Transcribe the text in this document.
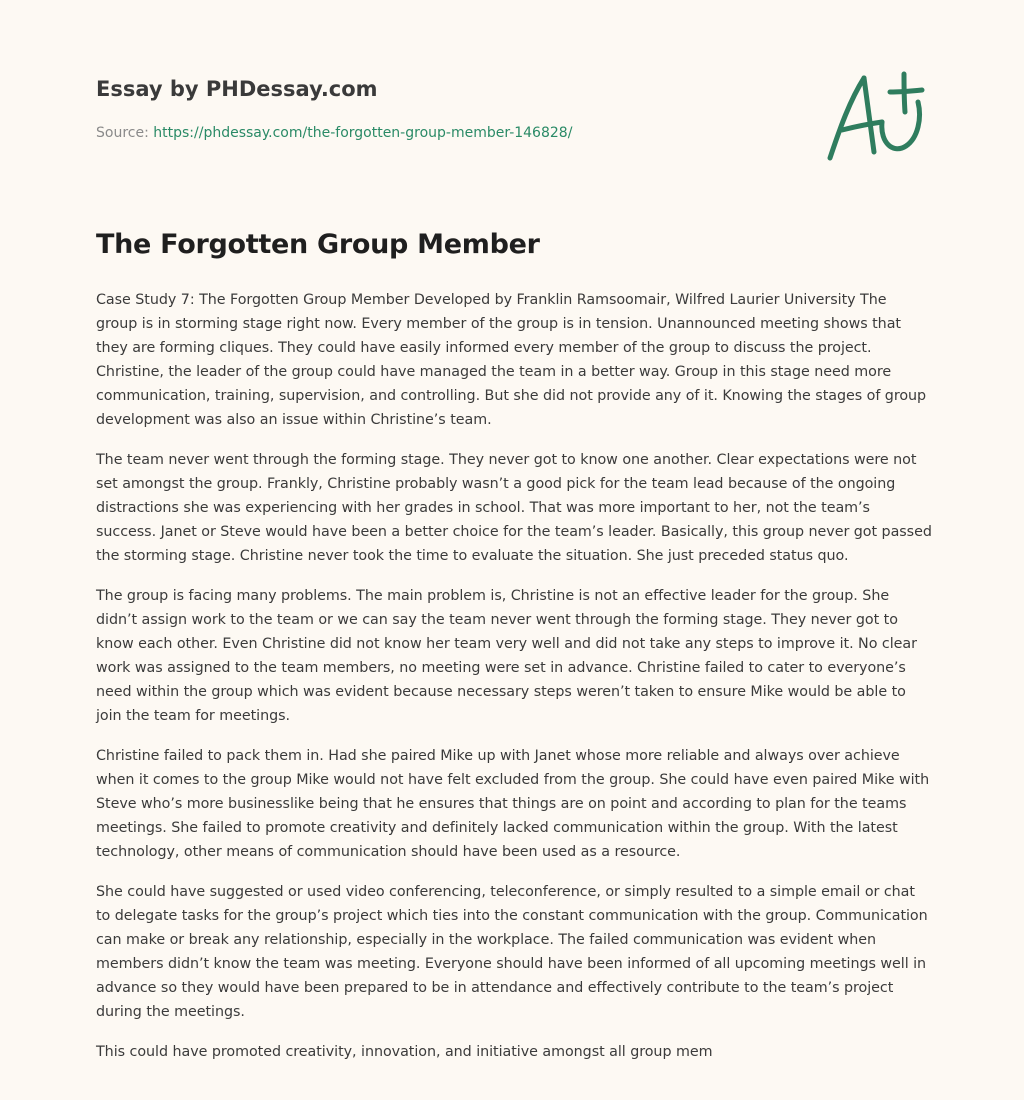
Essay by PHDessay.com
Source: https://phdessay.com/the-forgotten-group-member-146828/
The Forgotten Group Member

Case Study 7: The Forgotten Group Member Developed by Franklin Ramsoomair, Wilfred Laurier University The group is in storming stage right now. Every member of the group is in tension. Unannounced meeting shows that they are forming cliques. They could have easily informed every member of the group to discuss the project. Christine, the leader of the group could have managed the team in a better way. Group in this stage need more communication, training, supervision, and controlling. But she did not provide any of it. Knowing the stages of group development was also an issue within Christine’s team.

The team never went through the forming stage. They never got to know one another. Clear expectations were not set amongst the group. Frankly, Christine probably wasn’t a good pick for the team lead because of the ongoing distractions she was experiencing with her grades in school. That was more important to her, not the team’s success. Janet or Steve would have been a better choice for the team’s leader. Basically, this group never got passed the storming stage. Christine never took the time to evaluate the situation. She just preceded status quo.

The group is facing many problems. The main problem is, Christine is not an effective leader for the group. She didn’t assign work to the team or we can say the team never went through the forming stage. They never got to know each other. Even Christine did not know her team very well and did not take any steps to improve it. No clear work was assigned to the team members, no meeting were set in advance. Christine failed to cater to everyone’s need within the group which was evident because necessary steps weren’t taken to ensure Mike would be able to join the team for meetings.

Christine failed to pack them in. Had she paired Mike up with Janet whose more reliable and always over achieve when it comes to the group Mike would not have felt excluded from the group. She could have even paired Mike with Steve who’s more businesslike being that he ensures that things are on point and according to plan for the teams meetings. She failed to promote creativity and definitely lacked communication within the group. With the latest technology, other means of communication should have been used as a resource.

She could have suggested or used video conferencing, teleconference, or simply resulted to a simple email or chat to delegate tasks for the group’s project which ties into the constant communication with the group. Communication can make or break any relationship, especially in the workplace. The failed communication was evident when members didn’t know the team was meeting. Everyone should have been informed of all upcoming meetings well in advance so they would have been prepared to be in attendance and effectively contribute to the team’s project during the meetings.

This could have promoted creativity, innovation, and initiative amongst all group mem
